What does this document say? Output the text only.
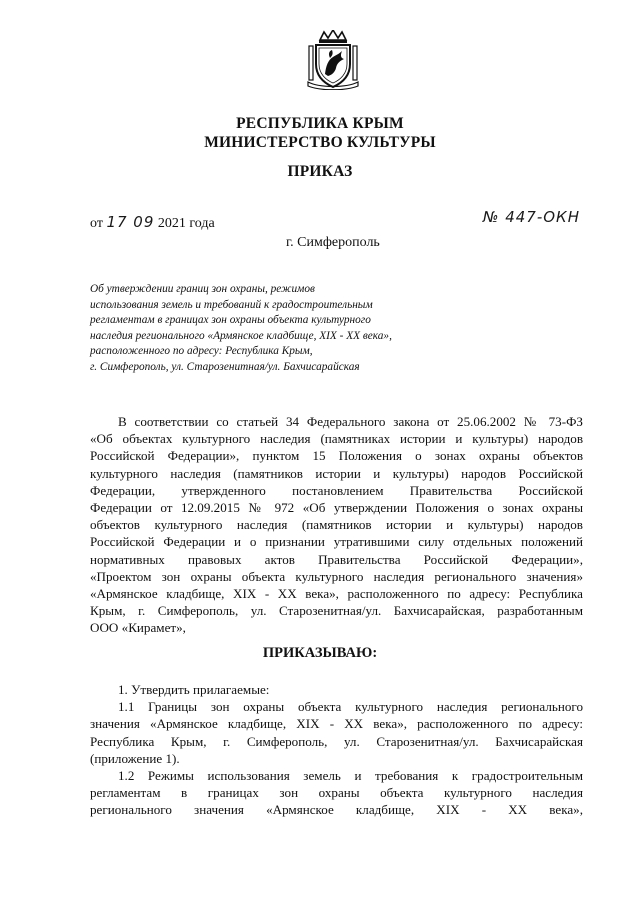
РЕСПУБЛИКА КРЫМ
МИНИСТЕРСТВО КУЛЬТУРЫ
ПРИКАЗ
от 17 09 2021 года	№ 447-ОКН
г. Симферополь
Об утверждении границ зон охраны, режимов
использования земель и требований к градостроительным
регламентам в границах зон охраны объекта культурного
наследия регионального «Армянское кладбище, XIX - XX века»,
расположенного по адресу: Республика Крым,
г. Симферополь, ул. Старозенитная/ул. Бахчисарайская
В соответствии со статьей 34 Федерального закона от 25.06.2002 № 73-ФЗ
«Об объектах культурного наследия (памятниках истории и культуры) народов
Российской Федерации», пунктом 15 Положения о зонах охраны объектов
культурного наследия (памятников истории и культуры) народов Российской
Федерации, утвержденного постановлением Правительства Российской
Федерации от 12.09.2015 № 972 «Об утверждении Положения о зонах охраны
объектов культурного наследия (памятников истории и культуры) народов
Российской Федерации и о признании утратившими силу отдельных положений
нормативных правовых актов Правительства Российской Федерации»,
«Проектом зон охраны объекта культурного наследия регионального значения»
«Армянское кладбище, XIX - XX века», расположенного по адресу: Республика
Крым, г. Симферополь, ул. Старозенитная/ул. Бахчисарайская, разработанным
ООО «Кирамет»,
ПРИКАЗЫВАЮ:
1. Утвердить прилагаемые:
1.1 Границы зон охраны объекта культурного наследия регионального
значения «Армянское кладбище, XIX - XX века», расположенного по адресу:
Республика Крым, г. Симферополь, ул. Старозенитная/ул. Бахчисарайская
(приложение 1).
1.2 Режимы использования земель и требования к градостроительным
регламентам в границах зон охраны объекта культурного наследия
регионального значения «Армянское кладбище, XIX - XX века»,
